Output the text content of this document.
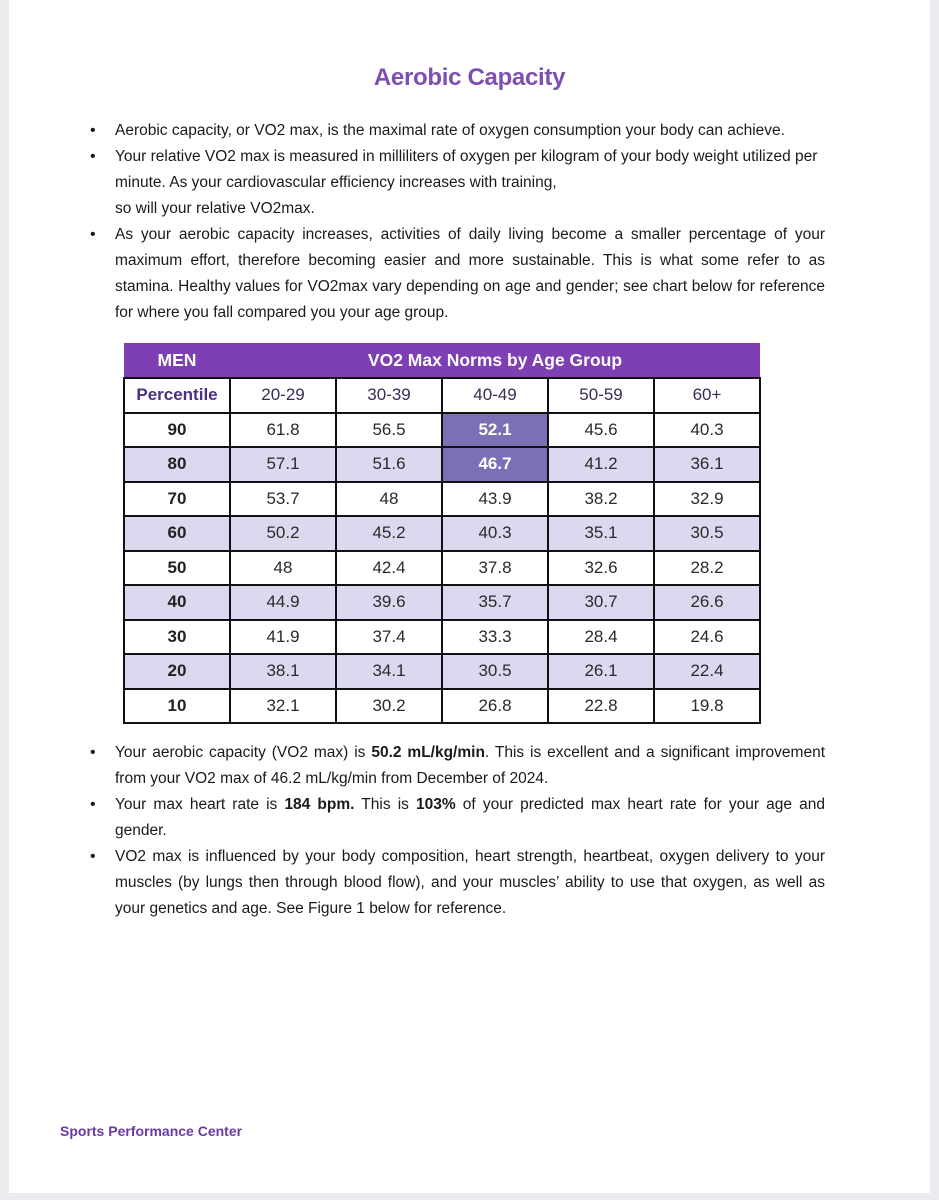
Aerobic Capacity
• Aerobic capacity, or VO2 max, is the maximal rate of oxygen consumption your body can achieve.
• Your relative VO2 max is measured in milliliters of oxygen per kilogram of your body weight utilized per minute. As your cardiovascular efficiency increases with training,
so will your relative VO2max.
• As your aerobic capacity increases, activities of daily living become a smaller percentage of your maximum effort, therefore becoming easier and more sustainable. This is what some refer to as stamina. Healthy values for VO2max vary depending on age and gender; see chart below for reference for where you fall compared you your age group.
MEN	VO2 Max Norms by Age Group				
Percentile	20-29	30-39	40-49	50-59	60+
90	61.8	56.5	52.1	45.6	40.3
80	57.1	51.6	46.7	41.2	36.1
70	53.7	48	43.9	38.2	32.9
60	50.2	45.2	40.3	35.1	30.5
50	48	42.4	37.8	32.6	28.2
40	44.9	39.6	35.7	30.7	26.6
30	41.9	37.4	33.3	28.4	24.6
20	38.1	34.1	30.5	26.1	22.4
10	32.1	30.2	26.8	22.8	19.8
• Your aerobic capacity (VO2 max) is 50.2 mL/kg/min. This is excellent and a significant improvement from your VO2 max of 46.2 mL/kg/min from December of 2024.
• Your max heart rate is 184 bpm. This is 103% of your predicted max heart rate for your age and gender.
• VO2 max is influenced by your body composition, heart strength, heartbeat, oxygen delivery to your muscles (by lungs then through blood flow), and your muscles’ ability to use that oxygen, as well as your genetics and age. See Figure 1 below for reference.
Sports Performance Center
